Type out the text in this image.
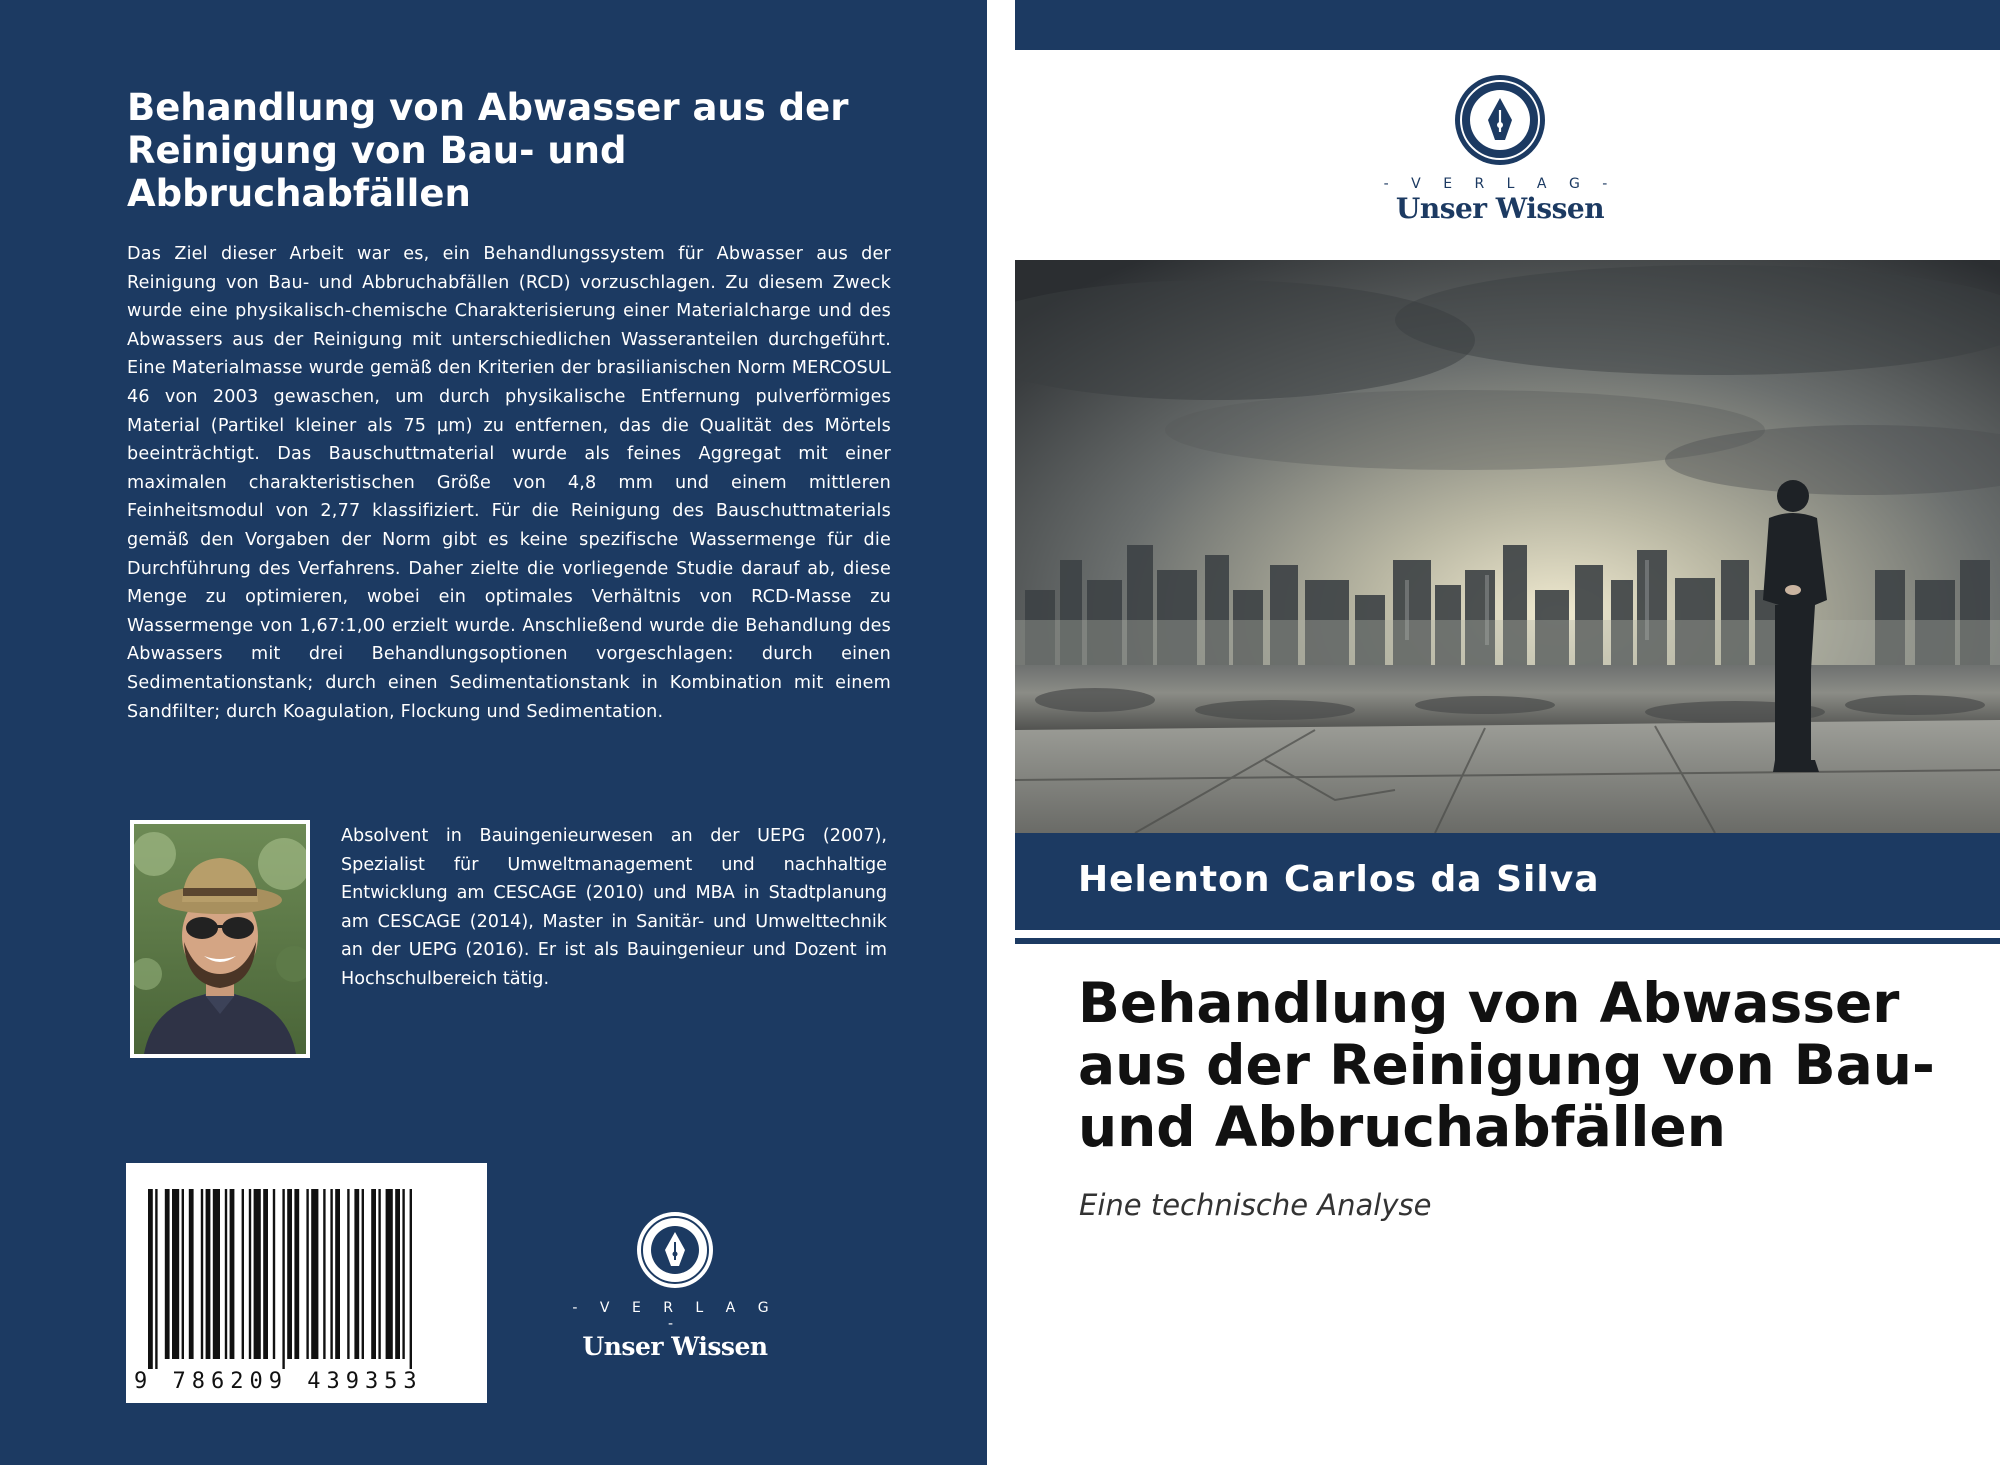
Behandlung von Abwasser aus der Reinigung von Bau- und Abbruchabfällen

Das Ziel dieser Arbeit war es, ein Behandlungssystem für Abwasser aus der Reinigung von Bau- und Abbruchabfällen (RCD) vorzuschlagen. Zu diesem Zweck wurde eine physikalisch-chemische Charakterisierung einer Materialcharge und des Abwassers aus der Reinigung mit unterschiedlichen Wasseranteilen durchgeführt. Eine Materialmasse wurde gemäß den Kriterien der brasilianischen Norm MERCOSUL 46 von 2003 gewaschen, um durch physikalische Entfernung pulverförmiges Material (Partikel kleiner als 75 µm) zu entfernen, das die Qualität des Mörtels beeinträchtigt. Das Bauschuttmaterial wurde als feines Aggregat mit einer maximalen charakteristischen Größe von 4,8 mm und einem mittleren Feinheitsmodul von 2,77 klassifiziert. Für die Reinigung des Bauschuttmaterials gemäß den Vorgaben der Norm gibt es keine spezifische Wassermenge für die Durchführung des Verfahrens. Daher zielte die vorliegende Studie darauf ab, diese Menge zu optimieren, wobei ein optimales Verhältnis von RCD-Masse zu Wassermenge von 1,67:1,00 erzielt wurde. Anschließend wurde die Behandlung des Abwassers mit drei Behandlungsoptionen vorgeschlagen: durch einen Sedimentationstank; durch einen Sedimentationstank in Kombination mit einem Sandfilter; durch Koagulation, Flockung und Sedimentation.

Absolvent in Bauingenieurwesen an der UEPG (2007), Spezialist für Umweltmanagement und nachhaltige Entwicklung am CESCAGE (2010) und MBA in Stadtplanung am CESCAGE (2014), Master in Sanitär- und Umwelttechnik an der UEPG (2016). Er ist als Bauingenieur und Dozent im Hochschulbereich tätig.

9 786209 439353
- V E R L A G -
Unser Wissen
- V E R L A G -
Unser Wissen
Helenton Carlos da Silva
Behandlung von Abwasser aus der Reinigung von Bau- und Abbruchabfällen

Eine technische Analyse
